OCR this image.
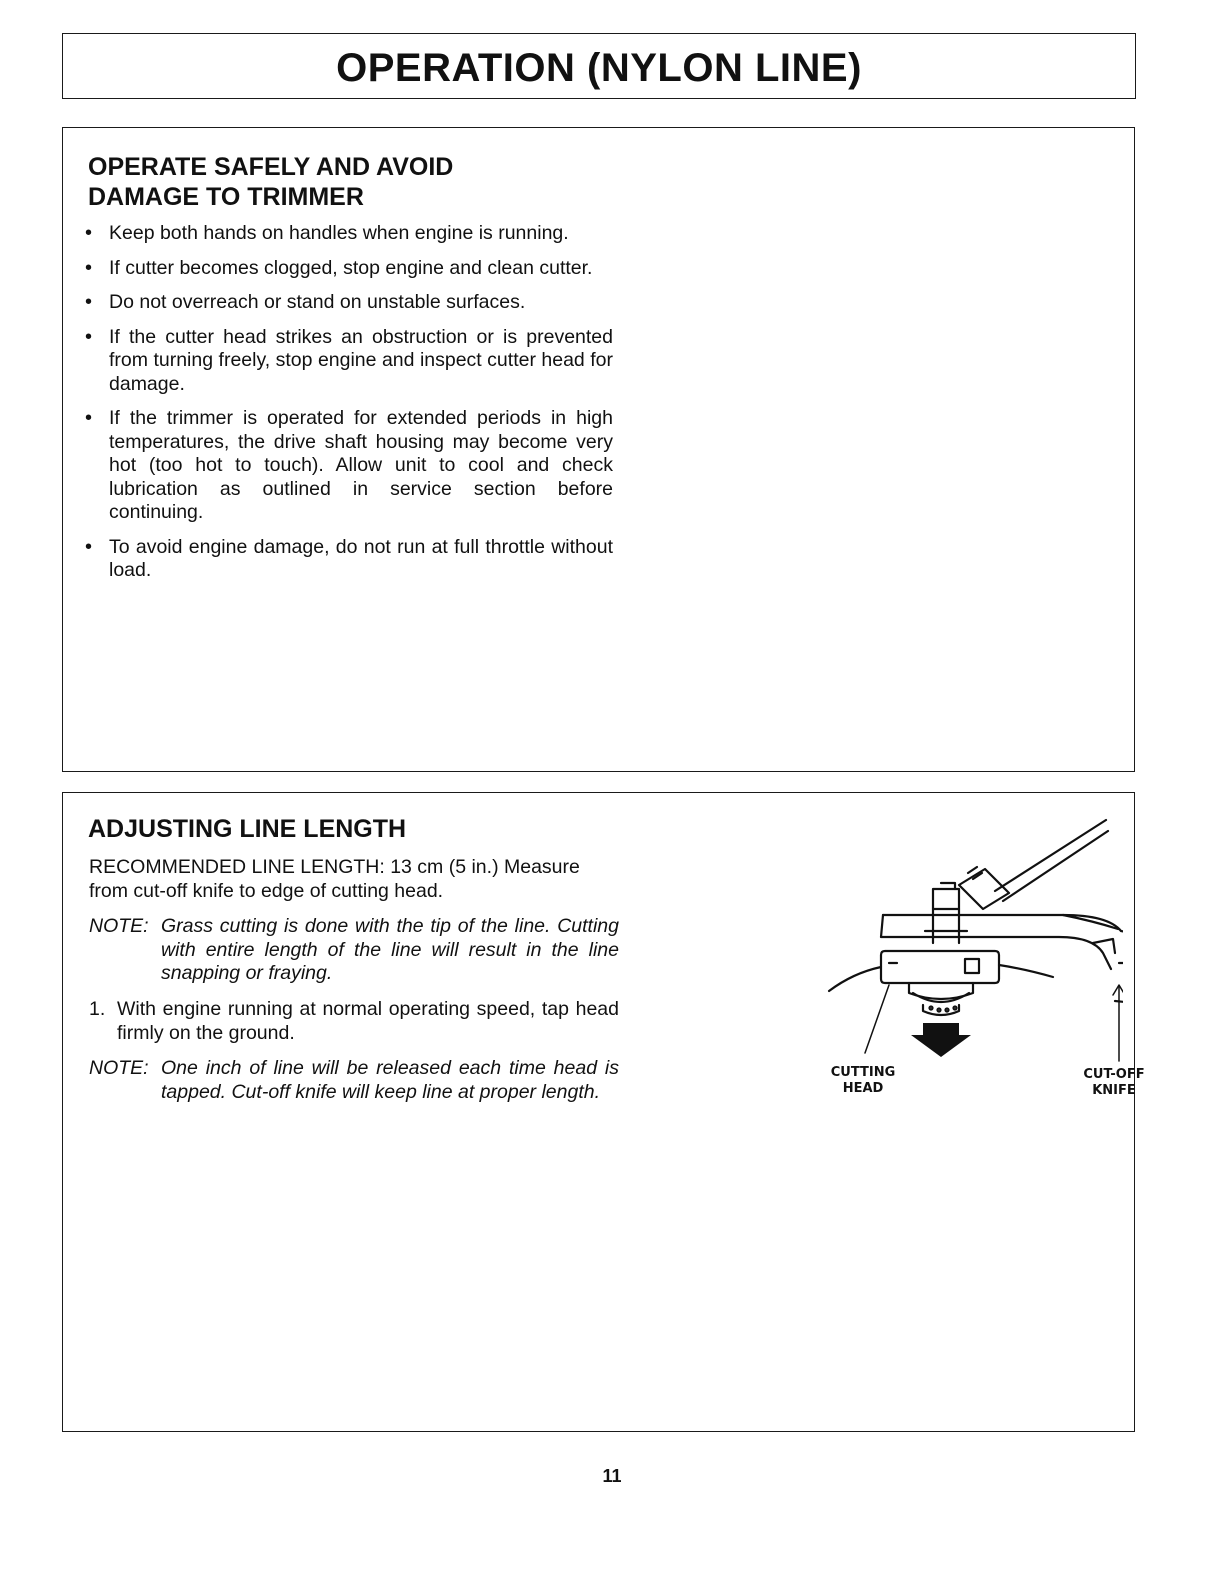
OPERATION (NYLON LINE)
OPERATE SAFELY AND AVOID
DAMAGE TO TRIMMER
• Keep both hands on handles when engine is running.
• If cutter becomes clogged, stop engine and clean cutter.
• Do not overreach or stand on unstable surfaces.
• If the cutter head strikes an obstruction or is prevented from turning freely, stop engine and inspect cutter head for damage.
• If the trimmer is operated for extended periods in high temperatures, the drive shaft housing may become very hot (too hot to touch). Allow unit to cool and check lubrication as outlined in service section before continuing.
• To avoid engine damage, do not run at full throttle without load.
ADJUSTING LINE LENGTH
RECOMMENDED LINE LENGTH: 13 cm (5 in.) Measure from cut-off knife to edge of cutting head.
NOTE: Grass cutting is done with the tip of the line. Cutting with entire length of the line will result in the line snapping or fraying.
1. With engine running at normal operating speed, tap head firmly on the ground.
NOTE: One inch of line will be released each time head is tapped. Cut-off knife will keep line at proper length.
CUTTING
HEAD
CUT-OFF
KNIFE
11
